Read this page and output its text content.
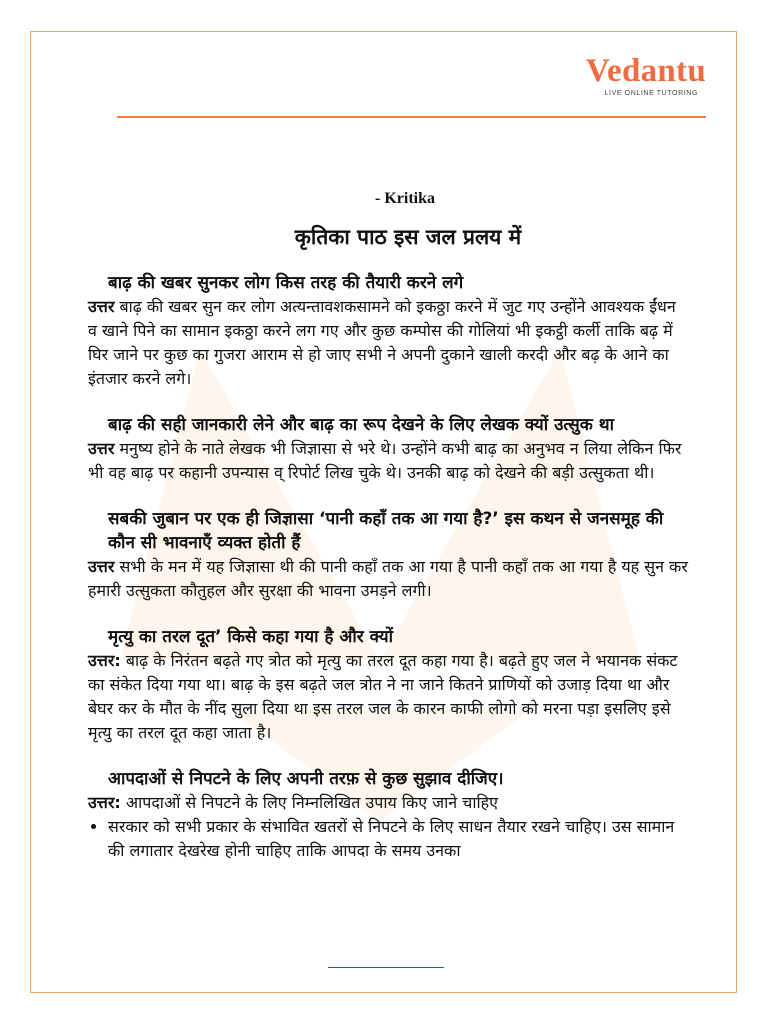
Vedantu
LIVE ONLINE TUTORING
- Kritika
कृतिका पाठ इस जल प्रलय में
बाढ़ की खबर सुनकर लोग किस तरह की तैयारी करने लगे
उत्तर बाढ़ की खबर सुन कर लोग अत्यन्तावशकसामने को इकठ्ठा करने में जुट गए उन्होंने आवश्यक ईंधन व खाने पिने का सामान इकठ्ठा करने लग गए और कुछ कम्पोस की गोलियां भी इकट्ठी कर्ली ताकि बढ़ में घिर जाने पर कुछ का गुजरा आराम से हो जाए सभी ने अपनी दुकाने खाली करदी और बढ़ के आने का इंतजार करने लगे।
बाढ़ की सही जानकारी लेने और बाढ़ का रूप देखने के लिए लेखक क्यों उत्सुक था
उत्तर मनुष्य होने के नाते लेखक भी जिज्ञासा से भरे थे। उन्होंने कभी बाढ़ का अनुभव न लिया लेकिन फिर भी वह बाढ़ पर कहानी उपन्यास व् रिपोर्ट लिख चुके थे। उनकी बाढ़ को देखने की बड़ी उत्सुकता थी।
सबकी जुबान पर एक ही जिज्ञासा ‘पानी कहाँ तक आ गया है?’ इस कथन से जनसमूह की कौन सी भावनाएँ व्यक्त होती हैं
उत्तर सभी के मन में यह जिज्ञासा थी की पानी कहाँ तक आ गया है पानी कहाँ तक आ गया है यह सुन कर हमारी उत्सुकता कौतुहल और सुरक्षा की भावना उमड़ने लगी।
मृत्यु का तरल दूत’ किसे कहा गया है और क्यों
उत्तर: बाढ़ के निरंतन बढ़ते गए त्रोत को मृत्यु का तरल दूत कहा गया है। बढ़ते हुए जल ने भयानक संकट का संकेत दिया गया था। बाढ़ के इस बढ़ते जल त्रोत ने ना जाने कितने प्राणियों को उजाड़ दिया था और बेघर कर के मौत के नींद सुला दिया था इस तरल जल के कारन काफी लोगो को मरना पड़ा इसलिए इसे मृत्यु का तरल दूत कहा जाता है।
आपदाओं से निपटने के लिए अपनी तरफ़ से कुछ सुझाव दीजिए।
उत्तर: आपदाओं से निपटने के लिए निम्नलिखित उपाय किए जाने चाहिए
• सरकार को सभी प्रकार के संभावित खतरों से निपटने के लिए साधन तैयार रखने चाहिए। उस सामान की लगातार देखरेख होनी चाहिए ताकि आपदा के समय उनका
